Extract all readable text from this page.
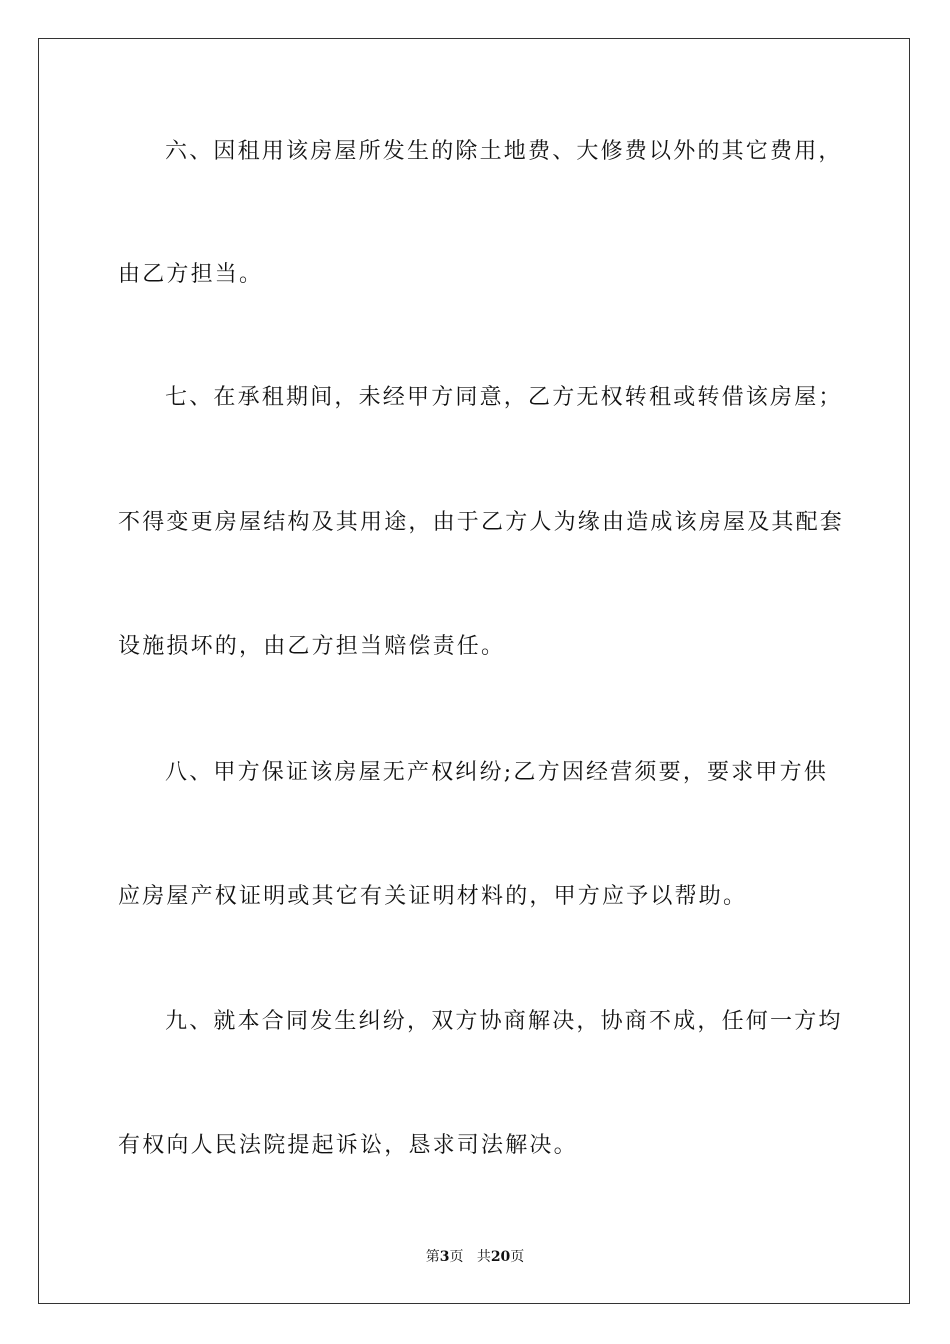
六、因租用该房屋所发生的除土地费、大修费以外的其它费用，
由乙方担当。
七、在承租期间，未经甲方同意，乙方无权转租或转借该房屋；
不得变更房屋结构及其用途，由于乙方人为缘由造成该房屋及其配套
设施损坏的，由乙方担当赔偿责任。
八、甲方保证该房屋无产权纠纷;乙方因经营须要，要求甲方供
应房屋产权证明或其它有关证明材料的，甲方应予以帮助。
九、就本合同发生纠纷，双方协商解决，协商不成，任何一方均
有权向人民法院提起诉讼，恳求司法解决。
第3页 共20页
